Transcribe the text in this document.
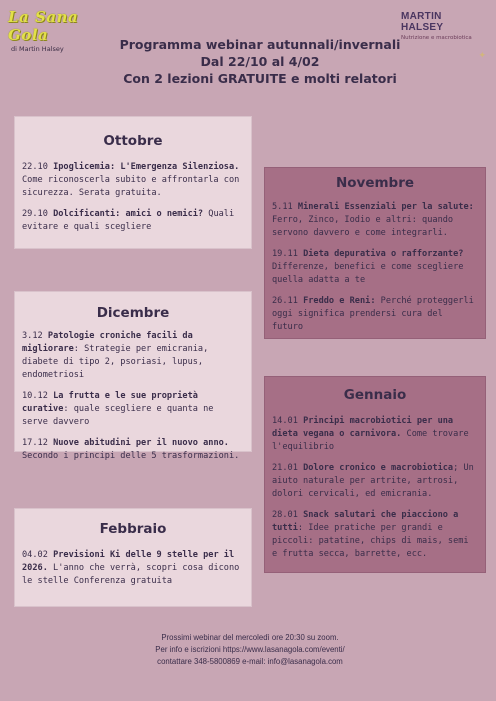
La Sana Gola
di Martin Halsey
MARTIN HALSEY
Nutrizione e macrobiotica
✦
Programma webinar autunnali/invernali
Dal 22/10 al 4/02
Con 2 lezioni GRATUITE e molti relatori
Ottobre
22.10 Ipoglicemia: L'Emergenza Silenziosa. Come riconoscerla subito e affrontarla con sicurezza. Serata gratuita.
29.10 Dolcificanti: amici o nemici? Quali evitare e quali scegliere
Novembre
5.11 Minerali Essenziali per la salute: Ferro, Zinco, Iodio e altri: quando servono davvero e come integrarli.
19.11 Dieta depurativa o rafforzante? Differenze, benefici e come scegliere quella adatta a te
26.11 Freddo e Reni: Perché proteggerli oggi significa prendersi cura del futuro
Dicembre
3.12 Patologie croniche facili da migliorare: Strategie per emicrania, diabete di tipo 2, psoriasi, lupus, endometriosi
10.12 La frutta e le sue proprietà curative: quale scegliere e quanta ne serve davvero
17.12 Nuove abitudini per il nuovo anno. Secondo i principi delle 5 trasformazioni.
Gennaio
14.01 Principi macrobiotici per una dieta vegana o carnivora. Come trovare l'equilibrio
21.01 Dolore cronico e macrobiotica; Un aiuto naturale per artrite, artrosi, dolori cervicali, ed emicrania.
28.01 Snack salutari che piacciono a tutti: Idee pratiche per grandi e piccoli: patatine, chips di mais, semi e frutta secca, barrette, ecc.
Febbraio
04.02 Previsioni Ki delle 9 stelle per il 2026. L'anno che verrà, scopri cosa dicono le stelle Conferenza gratuita
Prossimi webinar del mercoledì ore 20:30 su zoom.
Per info e iscrizioni https://www.lasanagola.com/eventi/
contattare 348-5800869 e-mail: info@lasanagola.com
